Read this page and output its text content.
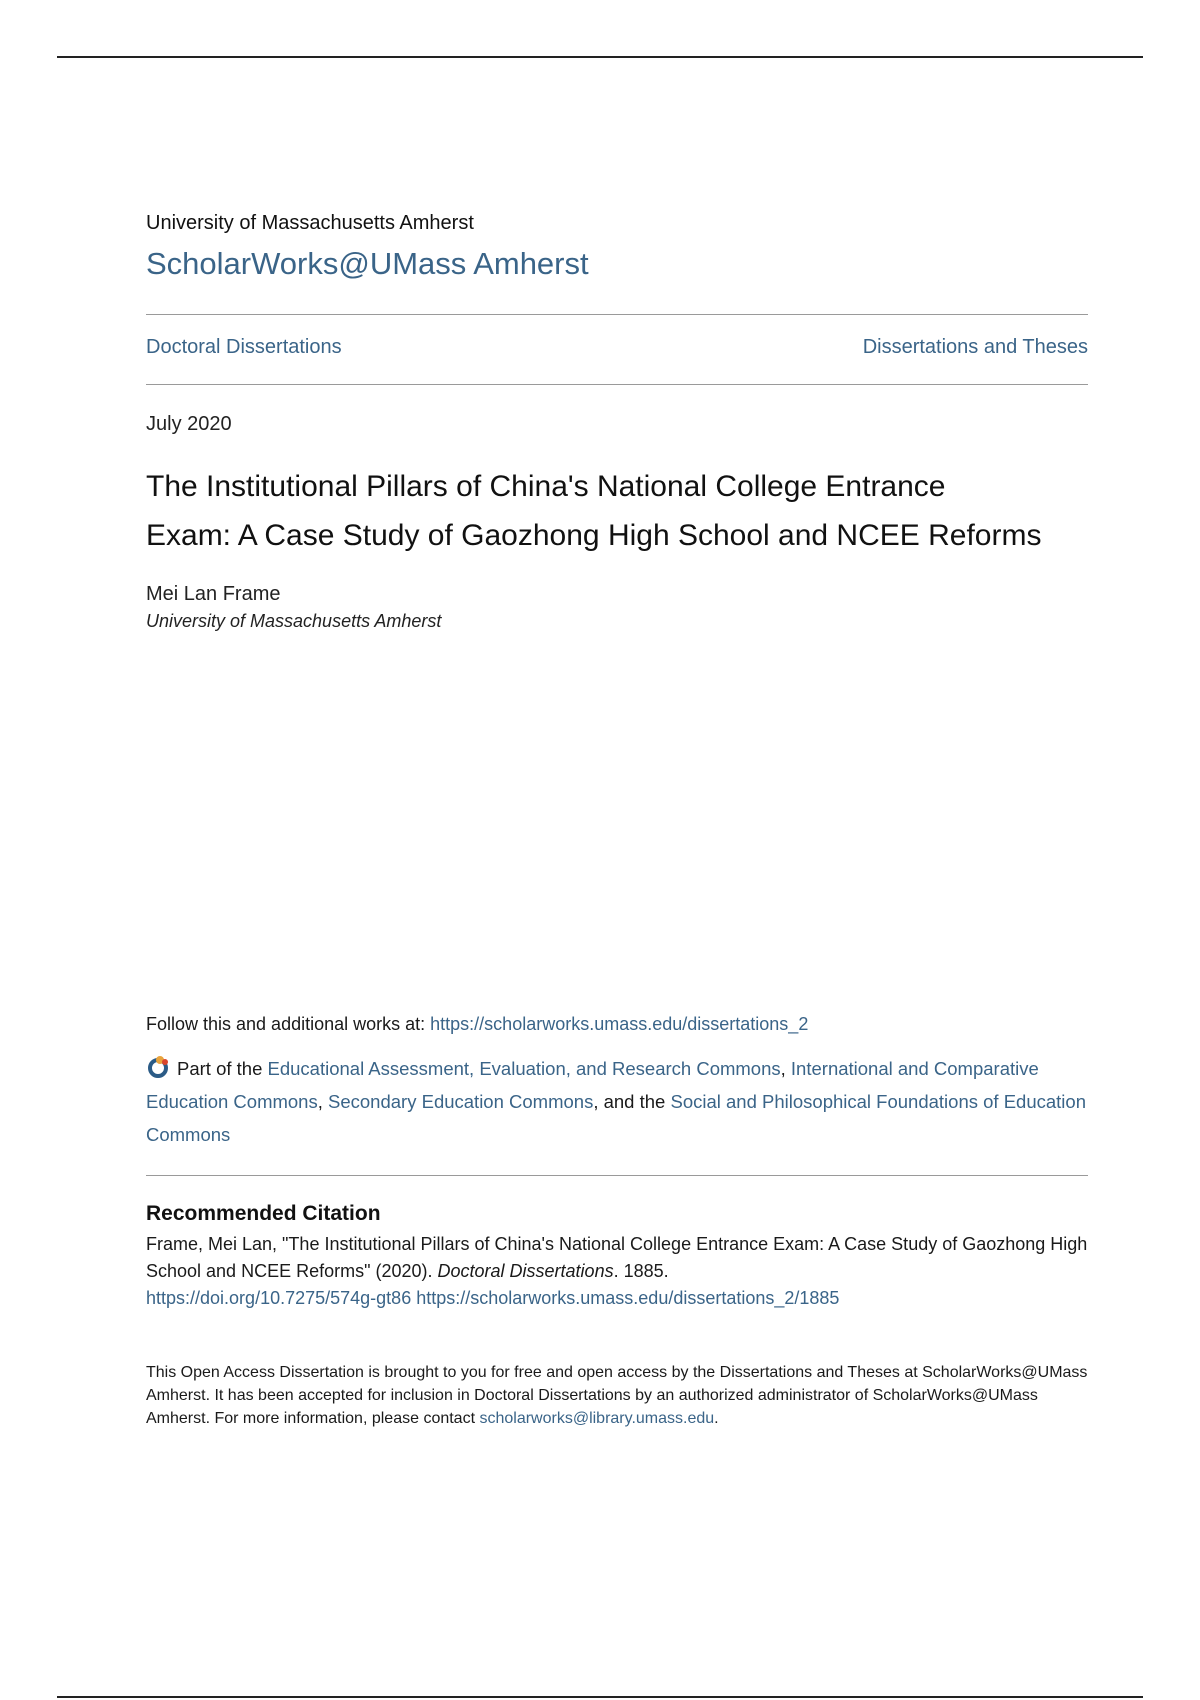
University of Massachusetts Amherst
ScholarWorks@UMass Amherst
Doctoral Dissertations	Dissertations and Theses
July 2020
The Institutional Pillars of China's National College Entrance
Exam: A Case Study of Gaozhong High School and NCEE Reforms
Mei Lan Frame
University of Massachusetts Amherst
Follow this and additional works at: https://scholarworks.umass.edu/dissertations_2
Part of the Educational Assessment, Evaluation, and Research Commons, International and Comparative Education Commons, Secondary Education Commons, and the Social and Philosophical Foundations of Education Commons
Recommended Citation
Frame, Mei Lan, "The Institutional Pillars of China's National College Entrance Exam: A Case Study of Gaozhong High School and NCEE Reforms" (2020). Doctoral Dissertations. 1885.
https://doi.org/10.7275/574g-gt86 https://scholarworks.umass.edu/dissertations_2/1885
This Open Access Dissertation is brought to you for free and open access by the Dissertations and Theses at ScholarWorks@UMass Amherst. It has been accepted for inclusion in Doctoral Dissertations by an authorized administrator of ScholarWorks@UMass Amherst. For more information, please contact scholarworks@library.umass.edu.
